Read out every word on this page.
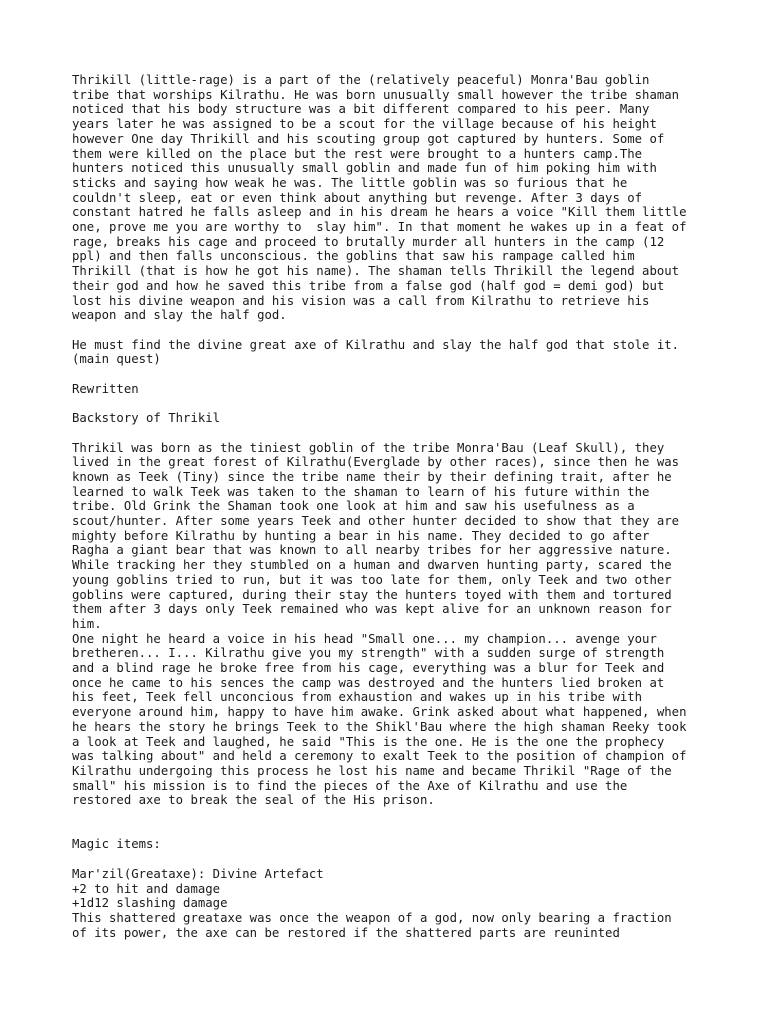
Thrikill (little-rage) is a part of the (relatively peaceful) Monra'Bau goblin
tribe that worships Kilrathu. He was born unusually small however the tribe shaman
noticed that his body structure was a bit different compared to his peer. Many
years later he was assigned to be a scout for the village because of his height
however One day Thrikill and his scouting group got captured by hunters. Some of
them were killed on the place but the rest were brought to a hunters camp.The
hunters noticed this unusually small goblin and made fun of him poking him with
sticks and saying how weak he was. The little goblin was so furious that he
couldn't sleep, eat or even think about anything but revenge. After 3 days of
constant hatred he falls asleep and in his dream he hears a voice "Kill them little
one, prove me you are worthy to  slay him". In that moment he wakes up in a feat of
rage, breaks his cage and proceed to brutally murder all hunters in the camp (12
ppl) and then falls unconscious. the goblins that saw his rampage called him
Thrikill (that is how he got his name). The shaman tells Thrikill the legend about
their god and how he saved this tribe from a false god (half god = demi god) but
lost his divine weapon and his vision was a call from Kilrathu to retrieve his
weapon and slay the half god.

He must find the divine great axe of Kilrathu and slay the half god that stole it.
(main quest)

Rewritten

Backstory of Thrikil

Thrikil was born as the tiniest goblin of the tribe Monra'Bau (Leaf Skull), they
lived in the great forest of Kilrathu(Everglade by other races), since then he was
known as Teek (Tiny) since the tribe name their by their defining trait, after he
learned to walk Teek was taken to the shaman to learn of his future within the
tribe. Old Grink the Shaman took one look at him and saw his usefulness as a
scout/hunter. After some years Teek and other hunter decided to show that they are
mighty before Kilrathu by hunting a bear in his name. They decided to go after
Ragha a giant bear that was known to all nearby tribes for her aggressive nature.
While tracking her they stumbled on a human and dwarven hunting party, scared the
young goblins tried to run, but it was too late for them, only Teek and two other
goblins were captured, during their stay the hunters toyed with them and tortured
them after 3 days only Teek remained who was kept alive for an unknown reason for
him.
One night he heard a voice in his head "Small one... my champion... avenge your
bretheren... I... Kilrathu give you my strength" with a sudden surge of strength
and a blind rage he broke free from his cage, everything was a blur for Teek and
once he came to his sences the camp was destroyed and the hunters lied broken at
his feet, Teek fell unconcious from exhaustion and wakes up in his tribe with
everyone around him, happy to have him awake. Grink asked about what happened, when
he hears the story he brings Teek to the Shikl'Bau where the high shaman Reeky took
a look at Teek and laughed, he said "This is the one. He is the one the prophecy
was talking about" and held a ceremony to exalt Teek to the position of champion of
Kilrathu undergoing this process he lost his name and became Thrikil "Rage of the
small" his mission is to find the pieces of the Axe of Kilrathu and use the
restored axe to break the seal of the His prison.

Magic items:

Mar'zil(Greataxe): Divine Artefact
+2 to hit and damage
+1d12 slashing damage
This shattered greataxe was once the weapon of a god, now only bearing a fraction
of its power, the axe can be restored if the shattered parts are reuninted
